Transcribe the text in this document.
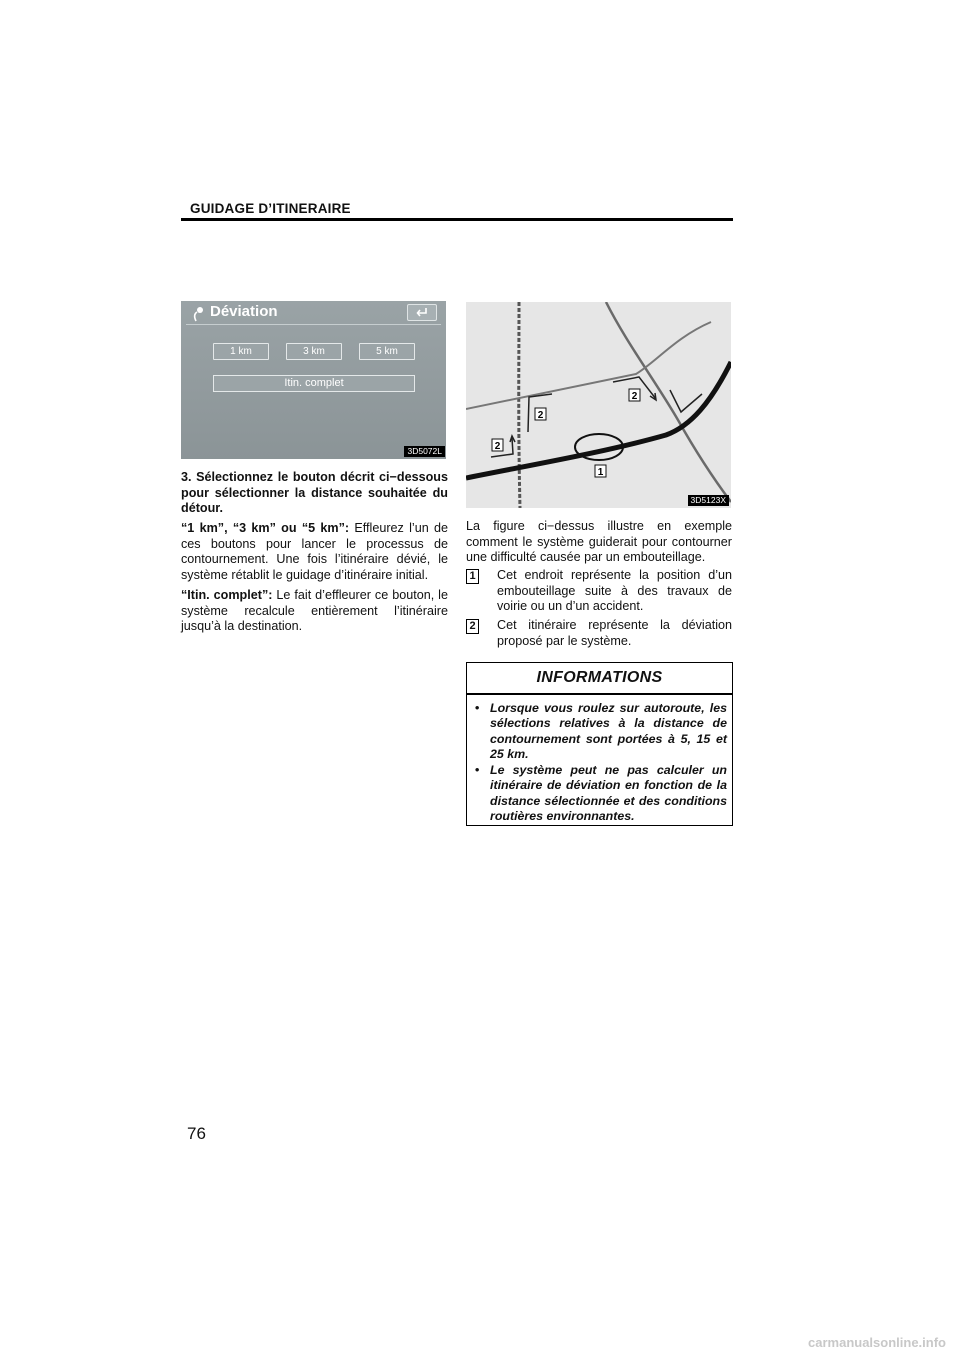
GUIDAGE D’ITINERAIRE
Déviation
1 km	3 km	5 km
Itin. complet
3D5072L
3. Sélectionnez le bouton décrit ci−dessous pour sélectionner la distance souhaitée du détour.
“1 km”, “3 km” ou “5 km”: Effleurez l’un de ces boutons pour lancer le processus de contournement. Une fois l’itinéraire dévié, le système rétablit le guidage d’itinéraire initial.
“Itin. complet”: Le fait d’effleurer ce bouton, le système recalcule entièrement l’itinéraire jusqu’à la destination.
2
2
2
1
3D5123X
La figure ci−dessus illustre en exemple comment le système guiderait pour contourner une difficulté causée par un embouteillage.
1 Cet endroit représente la position d’un embouteillage suite à des travaux de voirie ou un d’un accident.
2 Cet itinéraire représente la déviation proposé par le système.
INFORMATIONS
• Lorsque vous roulez sur autoroute, les sélections relatives à la distance de contournement sont portées à 5, 15 et 25 km.
• Le système peut ne pas calculer un itinéraire de déviation en fonction de la distance sélectionnée et des conditions routières environnantes.
76
carmanualsonline.info
